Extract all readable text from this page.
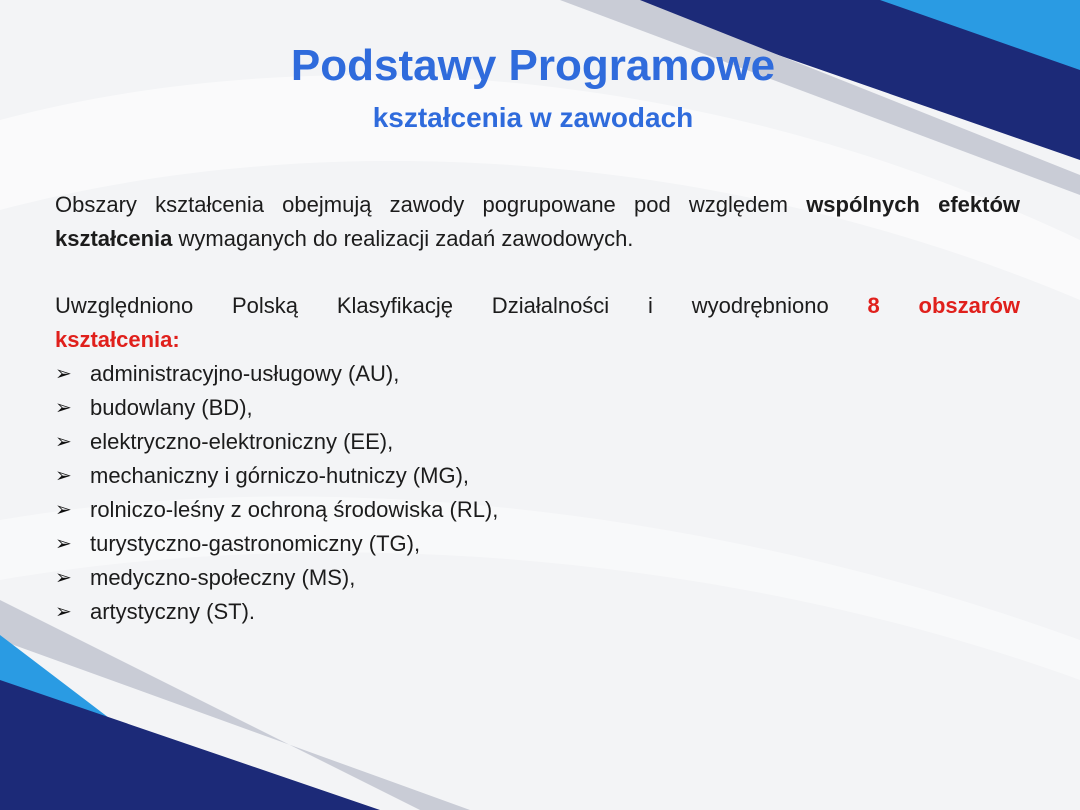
Podstawy Programowe
kształcenia w zawodach
Obszary kształcenia obejmują zawody pogrupowane pod względem wspólnych efektów kształcenia wymaganych do realizacji zadań zawodowych.
Uwzględniono Polską Klasyfikację Działalności i wyodrębniono 8 obszarów
kształcenia:
➢ administracyjno-usługowy (AU),
➢ budowlany (BD),
➢ elektryczno-elektroniczny (EE),
➢ mechaniczny i górniczo-hutniczy (MG),
➢ rolniczo-leśny z ochroną środowiska (RL),
➢ turystyczno-gastronomiczny (TG),
➢ medyczno-społeczny (MS),
➢ artystyczny (ST).
